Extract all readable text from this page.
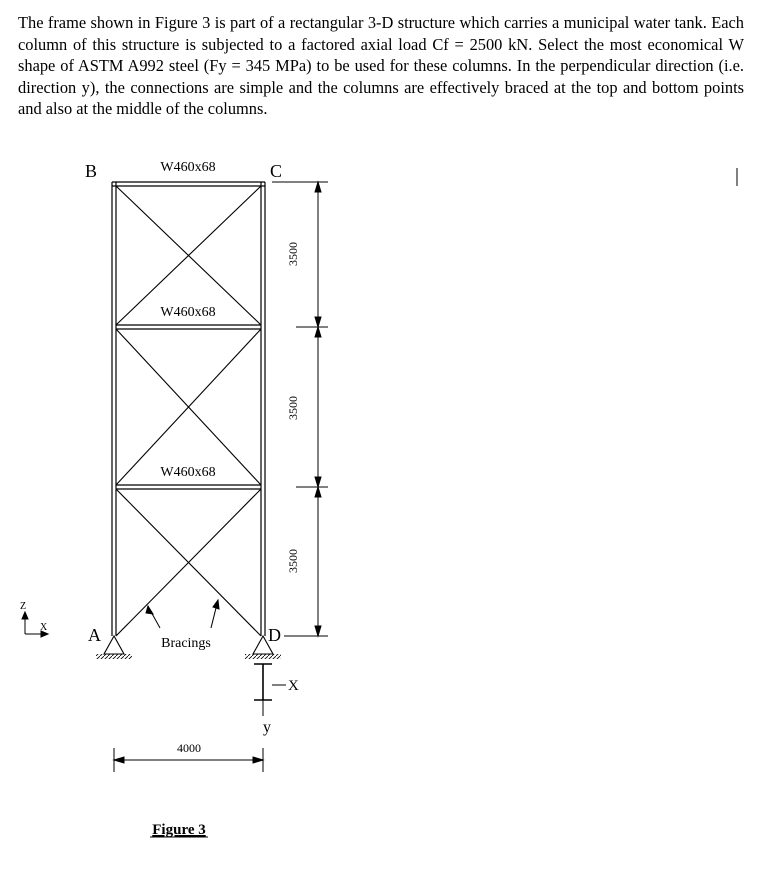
The frame shown in Figure 3 is part of a rectangular 3-D structure which carries a municipal water tank. Each column of this structure is subjected to a factored axial load Cf = 2500 kN. Select the most economical W shape of ASTM A992 steel (Fy = 345 MPa) to be used for these columns. In the perpendicular direction (i.e. direction y), the connections are simple and the columns are effectively braced at the top and bottom points and also at the middle of the columns.

X
y
B	C
A	D
W460x68
W460x68
W460x68
Bracings
3500
3500
3500
4000
Figure 3
Z
X
